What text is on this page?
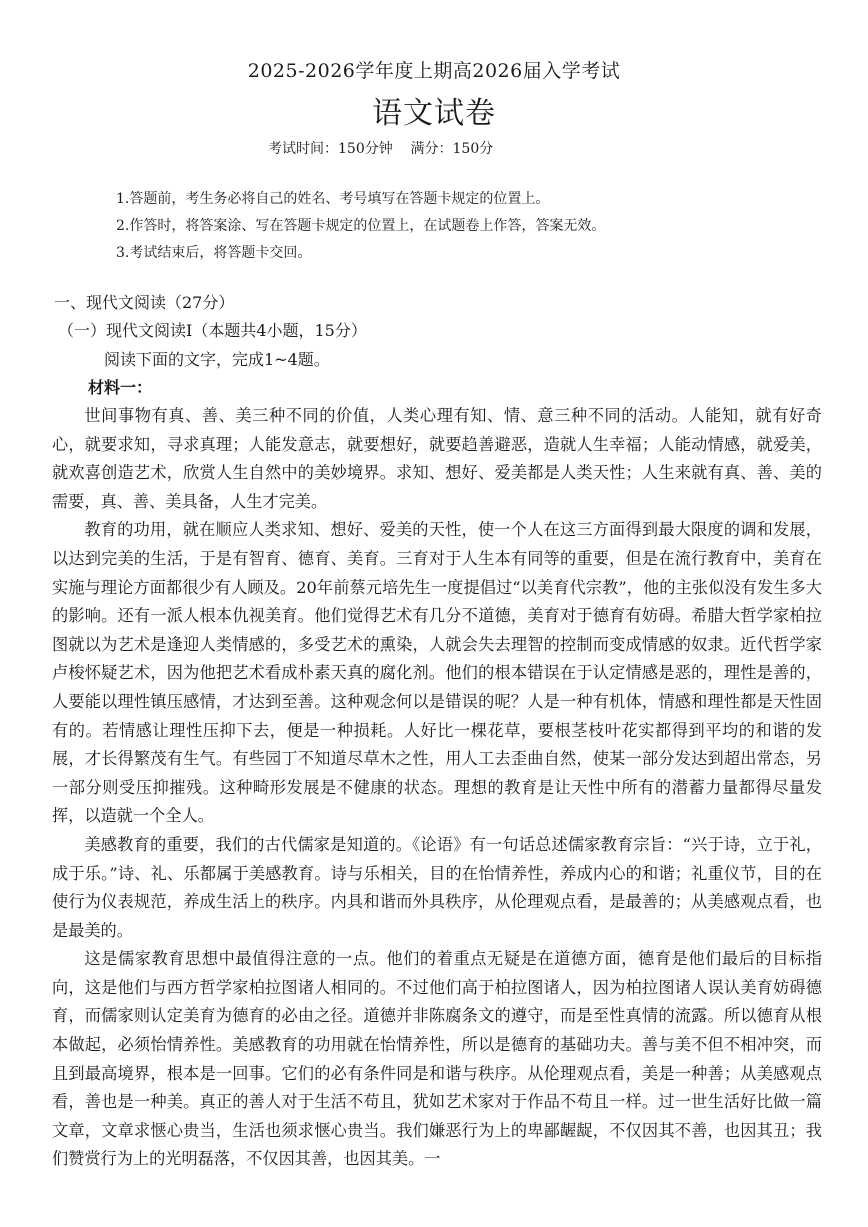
2025-2026学年度上期高2026届入学考试
语文试卷
考试时间：150分钟    满分：150分
1.答题前，考生务必将自己的姓名、考号填写在答题卡规定的位置上。
2.作答时，将答案涂、写在答题卡规定的位置上，在试题卷上作答，答案无效。
3.考试结束后，将答题卡交回。
一、现代文阅读（27分）
（一）现代文阅读Ⅰ（本题共4小题，15分）
阅读下面的文字，完成1~4题。
材料一：

世间事物有真、善、美三种不同的价值，人类心理有知、情、意三种不同的活动。人能知，就有好奇心，就要求知，寻求真理；人能发意志，就要想好，就要趋善避恶，造就人生幸福；人能动情感，就爱美，就欢喜创造艺术，欣赏人生自然中的美妙境界。求知、想好、爱美都是人类天性；人生来就有真、善、美的需要，真、善、美具备，人生才完美。

教育的功用，就在顺应人类求知、想好、爱美的天性，使一个人在这三方面得到最大限度的调和发展，以达到完美的生活，于是有智育、德育、美育。三育对于人生本有同等的重要，但是在流行教育中，美育在实施与理论方面都很少有人顾及。20年前蔡元培先生一度提倡过“以美育代宗教”，他的主张似没有发生多大的影响。还有一派人根本仇视美育。他们觉得艺术有几分不道德，美育对于德育有妨碍。希腊大哲学家柏拉图就以为艺术是逢迎人类情感的，多受艺术的熏染，人就会失去理智的控制而变成情感的奴隶。近代哲学家卢梭怀疑艺术，因为他把艺术看成朴素天真的腐化剂。他们的根本错误在于认定情感是恶的，理性是善的，人要能以理性镇压感情，才达到至善。这种观念何以是错误的呢？人是一种有机体，情感和理性都是天性固有的。若情感让理性压抑下去，便是一种损耗。人好比一棵花草，要根茎枝叶花实都得到平均的和谐的发展，才长得繁茂有生气。有些园丁不知道尽草木之性，用人工去歪曲自然，使某一部分发达到超出常态，另一部分则受压抑摧残。这种畸形发展是不健康的状态。理想的教育是让天性中所有的潜蓄力量都得尽量发挥，以造就一个全人。

美感教育的重要，我们的古代儒家是知道的。《论语》有一句话总述儒家教育宗旨：“兴于诗，立于礼，成于乐。”诗、礼、乐都属于美感教育。诗与乐相关，目的在怡情养性，养成内心的和谐；礼重仪节，目的在使行为仪表规范，养成生活上的秩序。内具和谐而外具秩序，从伦理观点看，是最善的；从美感观点看，也是最美的。

这是儒家教育思想中最值得注意的一点。他们的着重点无疑是在道德方面，德育是他们最后的目标指向，这是他们与西方哲学家柏拉图诸人相同的。不过他们高于柏拉图诸人，因为柏拉图诸人误认美育妨碍德育，而儒家则认定美育为德育的必由之径。道德并非陈腐条文的遵守，而是至性真情的流露。所以德育从根本做起，必须怡情养性。美感教育的功用就在怡情养性，所以是德育的基础功夫。善与美不但不相冲突，而且到最高境界，根本是一回事。它们的必有条件同是和谐与秩序。从伦理观点看，美是一种善；从美感观点看，善也是一种美。真正的善人对于生活不苟且，犹如艺术家对于作品不苟且一样。过一世生活好比做一篇文章，文章求惬心贵当，生活也须求惬心贵当。我们嫌恶行为上的卑鄙龌龊，不仅因其不善，也因其丑；我们赞赏行为上的光明磊落，不仅因其善，也因其美。一
